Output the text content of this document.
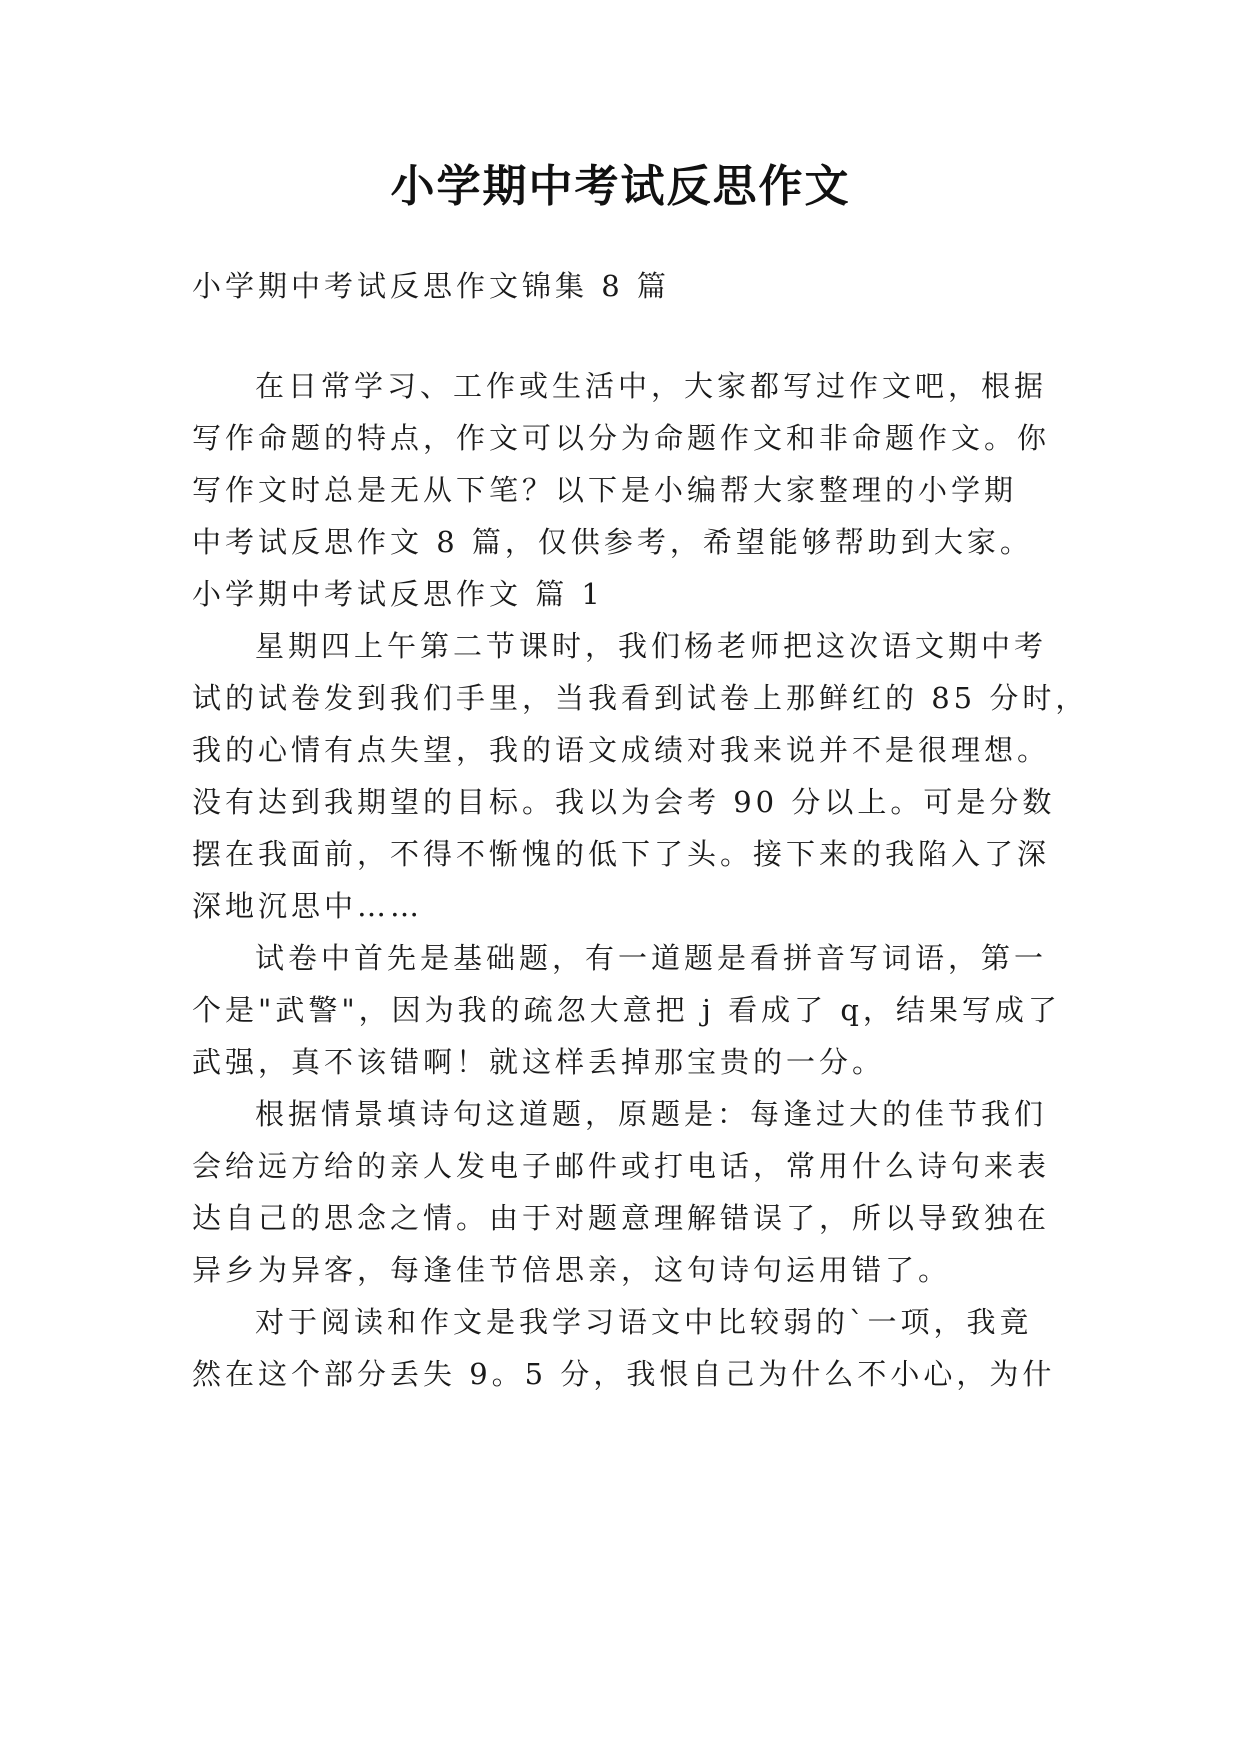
小学期中考试反思作文
小学期中考试反思作文锦集 8 篇
在日常学习、工作或生活中，大家都写过作文吧，根据
写作命题的特点，作文可以分为命题作文和非命题作文。你
写作文时总是无从下笔？以下是小编帮大家整理的小学期
中考试反思作文 8 篇，仅供参考，希望能够帮助到大家。
小学期中考试反思作文 篇 1
星期四上午第二节课时，我们杨老师把这次语文期中考
试的试卷发到我们手里，当我看到试卷上那鲜红的 85 分时，
我的心情有点失望，我的语文成绩对我来说并不是很理想。
没有达到我期望的目标。我以为会考 90 分以上。可是分数
摆在我面前，不得不惭愧的低下了头。接下来的我陷入了深
深地沉思中……
试卷中首先是基础题，有一道题是看拼音写词语，第一
个是"武警"，因为我的疏忽大意把 j 看成了 q，结果写成了
武强，真不该错啊！就这样丢掉那宝贵的一分。
根据情景填诗句这道题，原题是：每逢过大的佳节我们
会给远方给的亲人发电子邮件或打电话，常用什么诗句来表
达自己的思念之情。由于对题意理解错误了，所以导致独在
异乡为异客，每逢佳节倍思亲，这句诗句运用错了。
对于阅读和作文是我学习语文中比较弱的`一项，我竟
然在这个部分丢失 9。5 分，我恨自己为什么不小心，为什
